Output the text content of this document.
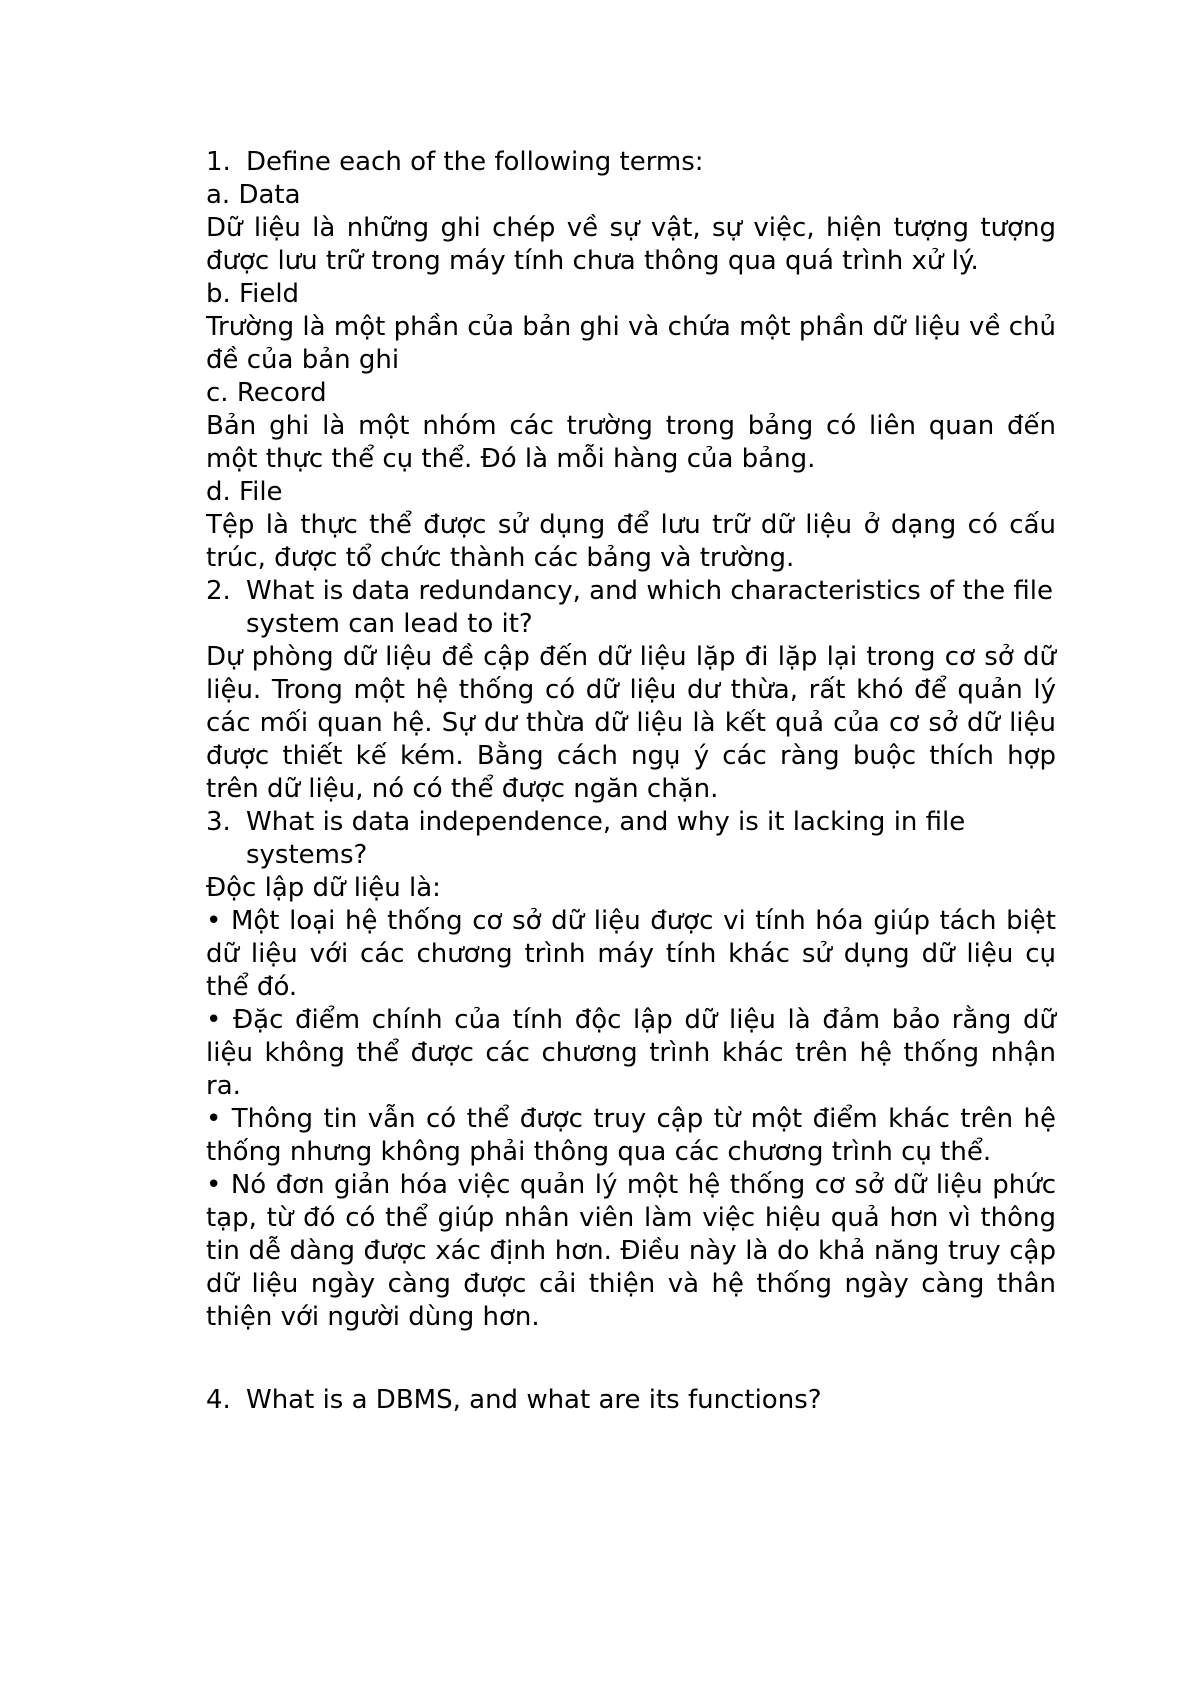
1. Define each of the following terms:

a. Data

Dữ liệu là những ghi chép về sự vật, sự việc, hiện tượng tượng được lưu trữ trong máy tính chưa thông qua quá trình xử lý.

b. Field

Trường là một phần của bản ghi và chứa một phần dữ liệu về chủ đề của bản ghi

c. Record

Bản ghi là một nhóm các trường trong bảng có liên quan đến một thực thể cụ thể. Đó là mỗi hàng của bảng.

d. File

Tệp là thực thể được sử dụng để lưu trữ dữ liệu ở dạng có cấu trúc, được tổ chức thành các bảng và trường.

2. What is data redundancy, and which characteristics of the file system can lead to it?

Dự phòng dữ liệu đề cập đến dữ liệu lặp đi lặp lại trong cơ sở dữ liệu. Trong một hệ thống có dữ liệu dư thừa, rất khó để quản lý các mối quan hệ. Sự dư thừa dữ liệu là kết quả của cơ sở dữ liệu được thiết kế kém. Bằng cách ngụ ý các ràng buộc thích hợp trên dữ liệu, nó có thể được ngăn chặn.

3. What is data independence, and why is it lacking in file systems?

Độc lập dữ liệu là:

• Một loại hệ thống cơ sở dữ liệu được vi tính hóa giúp tách biệt dữ liệu với các chương trình máy tính khác sử dụng dữ liệu cụ thể đó.

• Đặc điểm chính của tính độc lập dữ liệu là đảm bảo rằng dữ liệu không thể được các chương trình khác trên hệ thống nhận ra.

• Thông tin vẫn có thể được truy cập từ một điểm khác trên hệ thống nhưng không phải thông qua các chương trình cụ thể.

• Nó đơn giản hóa việc quản lý một hệ thống cơ sở dữ liệu phức tạp, từ đó có thể giúp nhân viên làm việc hiệu quả hơn vì thông tin dễ dàng được xác định hơn. Điều này là do khả năng truy cập dữ liệu ngày càng được cải thiện và hệ thống ngày càng thân thiện với người dùng hơn.

4. What is a DBMS, and what are its functions?
